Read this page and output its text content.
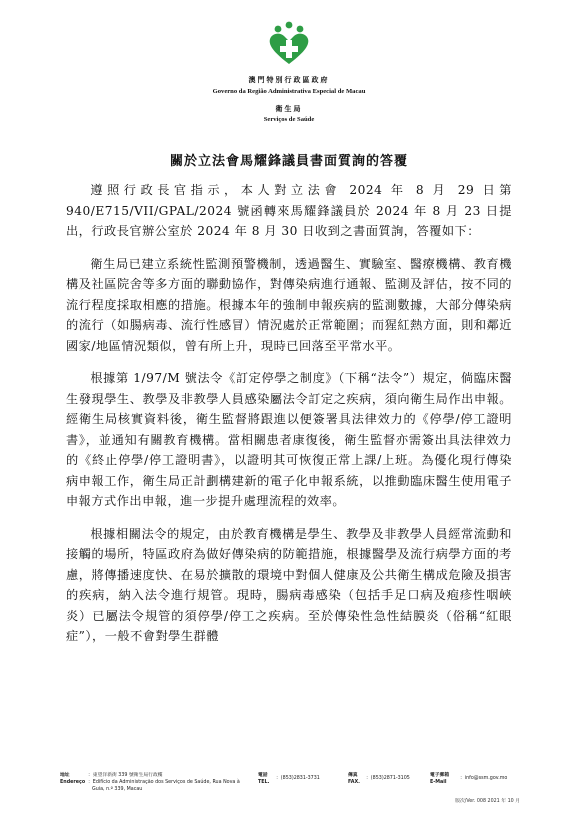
澳門特別行政區政府
Governo da Região Administrativa Especial de Macau
衛生局
Serviços de Saúde
關於立法會馬耀鋒議員書面質詢的答覆

遵照行政長官指示，本人對立法會 2024 年 8 月 29 日第 940/E715/VII/GPAL/2024 號函轉來馬耀鋒議員於 2024 年 8 月 23 日提出，行政長官辦公室於 2024 年 8 月 30 日收到之書面質詢，答覆如下：

衛生局已建立系統性監測預警機制，透過醫生、實驗室、醫療機構、教育機構及社區院舍等多方面的聯動協作，對傳染病進行通報、監測及評估，按不同的流行程度採取相應的措施。根據本年的強制申報疾病的監測數據，大部分傳染病的流行（如腸病毒、流行性感冒）情況處於正常範圍；而猩紅熱方面，則和鄰近國家/地區情況類似，曾有所上升，現時已回落至平常水平。

根據第 1/97/M 號法令《訂定停學之制度》（下稱“法令”）規定，倘臨床醫生發現學生、教學及非教學人員感染屬法令訂定之疾病，須向衛生局作出申報。經衛生局核實資料後，衛生監督將跟進以便簽署具法律效力的《停學/停工證明書》，並通知有關教育機構。當相關患者康復後，衛生監督亦需簽出具法律效力的《終止停學/停工證明書》，以證明其可恢復正常上課/上班。為優化現行傳染病申報工作，衛生局正計劃構建新的電子化申報系統，以推動臨床醫生使用電子申報方式作出申報，進一步提升處理流程的效率。

根據相關法令的規定，由於教育機構是學生、教學及非教學人員經常流動和接觸的場所，特區政府為做好傳染病的防範措施，根據醫學及流行病學方面的考慮，將傳播速度快、在易於擴散的環境中對個人健康及公共衛生構成危險及損害的疾病，納入法令進行規管。現時，腸病毒感染（包括手足口病及疱疹性咽峽炎）已屬法令規管的須停學/停工之疾病。至於傳染性急性結膜炎（俗稱“紅眼症”），一般不會對學生群體

地址
Endereço
：東望洋新街 339 號衛生局行政樓
：Edifício da Administração dos Serviços de Saúde, Rua Nova à
Guia, n.º 339, Macau
電話
TEL.
：(853)2831-3731
傳真
FAX.
：(853)2871-3105
電子郵箱
E-Mail
：info@ssm.gov.mo
版次/Ver. 008 2021 年 10 月
